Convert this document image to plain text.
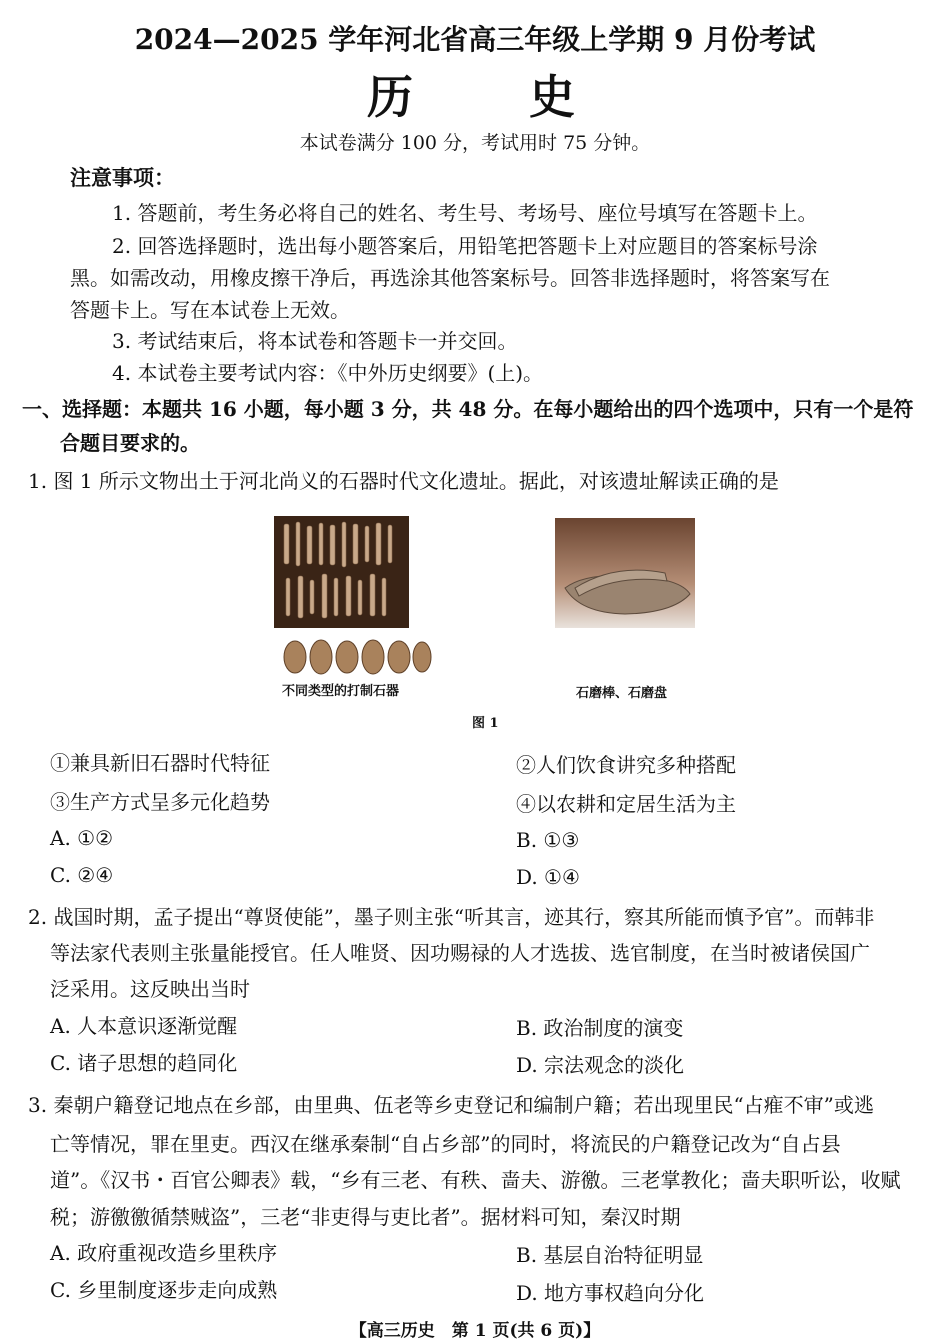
2024—2025 学年河北省高三年级上学期 9 月份考试
历　　史
本试卷满分 100 分，考试用时 75 分钟。
注意事项：
1. 答题前，考生务必将自己的姓名、考生号、考场号、座位号填写在答题卡上。
2. 回答选择题时，选出每小题答案后，用铅笔把答题卡上对应题目的答案标号涂
黑。如需改动，用橡皮擦干净后，再选涂其他答案标号。回答非选择题时，将答案写在
答题卡上。写在本试卷上无效。
3. 考试结束后，将本试卷和答题卡一并交回。
4. 本试卷主要考试内容：《中外历史纲要》(上)。
一、选择题：本题共 16 小题，每小题 3 分，共 48 分。在每小题给出的四个选项中，只有一个是符
合题目要求的。
1. 图 1 所示文物出土于河北尚义的石器时代文化遗址。据此，对该遗址解读正确的是
不同类型的打制石器	石磨棒、石磨盘
图 1
①兼具新旧石器时代特征	②人们饮食讲究多种搭配
③生产方式呈多元化趋势	④以农耕和定居生活为主
A. ①②	B. ①③
C. ②④	D. ①④
2. 战国时期，孟子提出“尊贤使能”，墨子则主张“听其言，迹其行，察其所能而慎予官”。而韩非
等法家代表则主张量能授官。任人唯贤、因功赐禄的人才选拔、选官制度，在当时被诸侯国广
泛采用。这反映出当时
A. 人本意识逐渐觉醒	B. 政治制度的演变
C. 诸子思想的趋同化	D. 宗法观念的淡化
3. 秦朝户籍登记地点在乡部，由里典、伍老等乡吏登记和编制户籍；若出现里民“占痽不审”或逃
亡等情况，罪在里吏。西汉在继承秦制“自占乡部”的同时，将流民的户籍登记改为“自占县
道”。《汉书・百官公卿表》载，“乡有三老、有秩、啬夫、游徼。三老掌教化；啬夫职听讼，收赋
税；游徼徼循禁贼盗”，三老“非吏得与吏比者”。据材料可知，秦汉时期
A. 政府重视改造乡里秩序	B. 基层自治特征明显
C. 乡里制度逐步走向成熟	D. 地方事权趋向分化
【高三历史　第 1 页(共 6 页)】
